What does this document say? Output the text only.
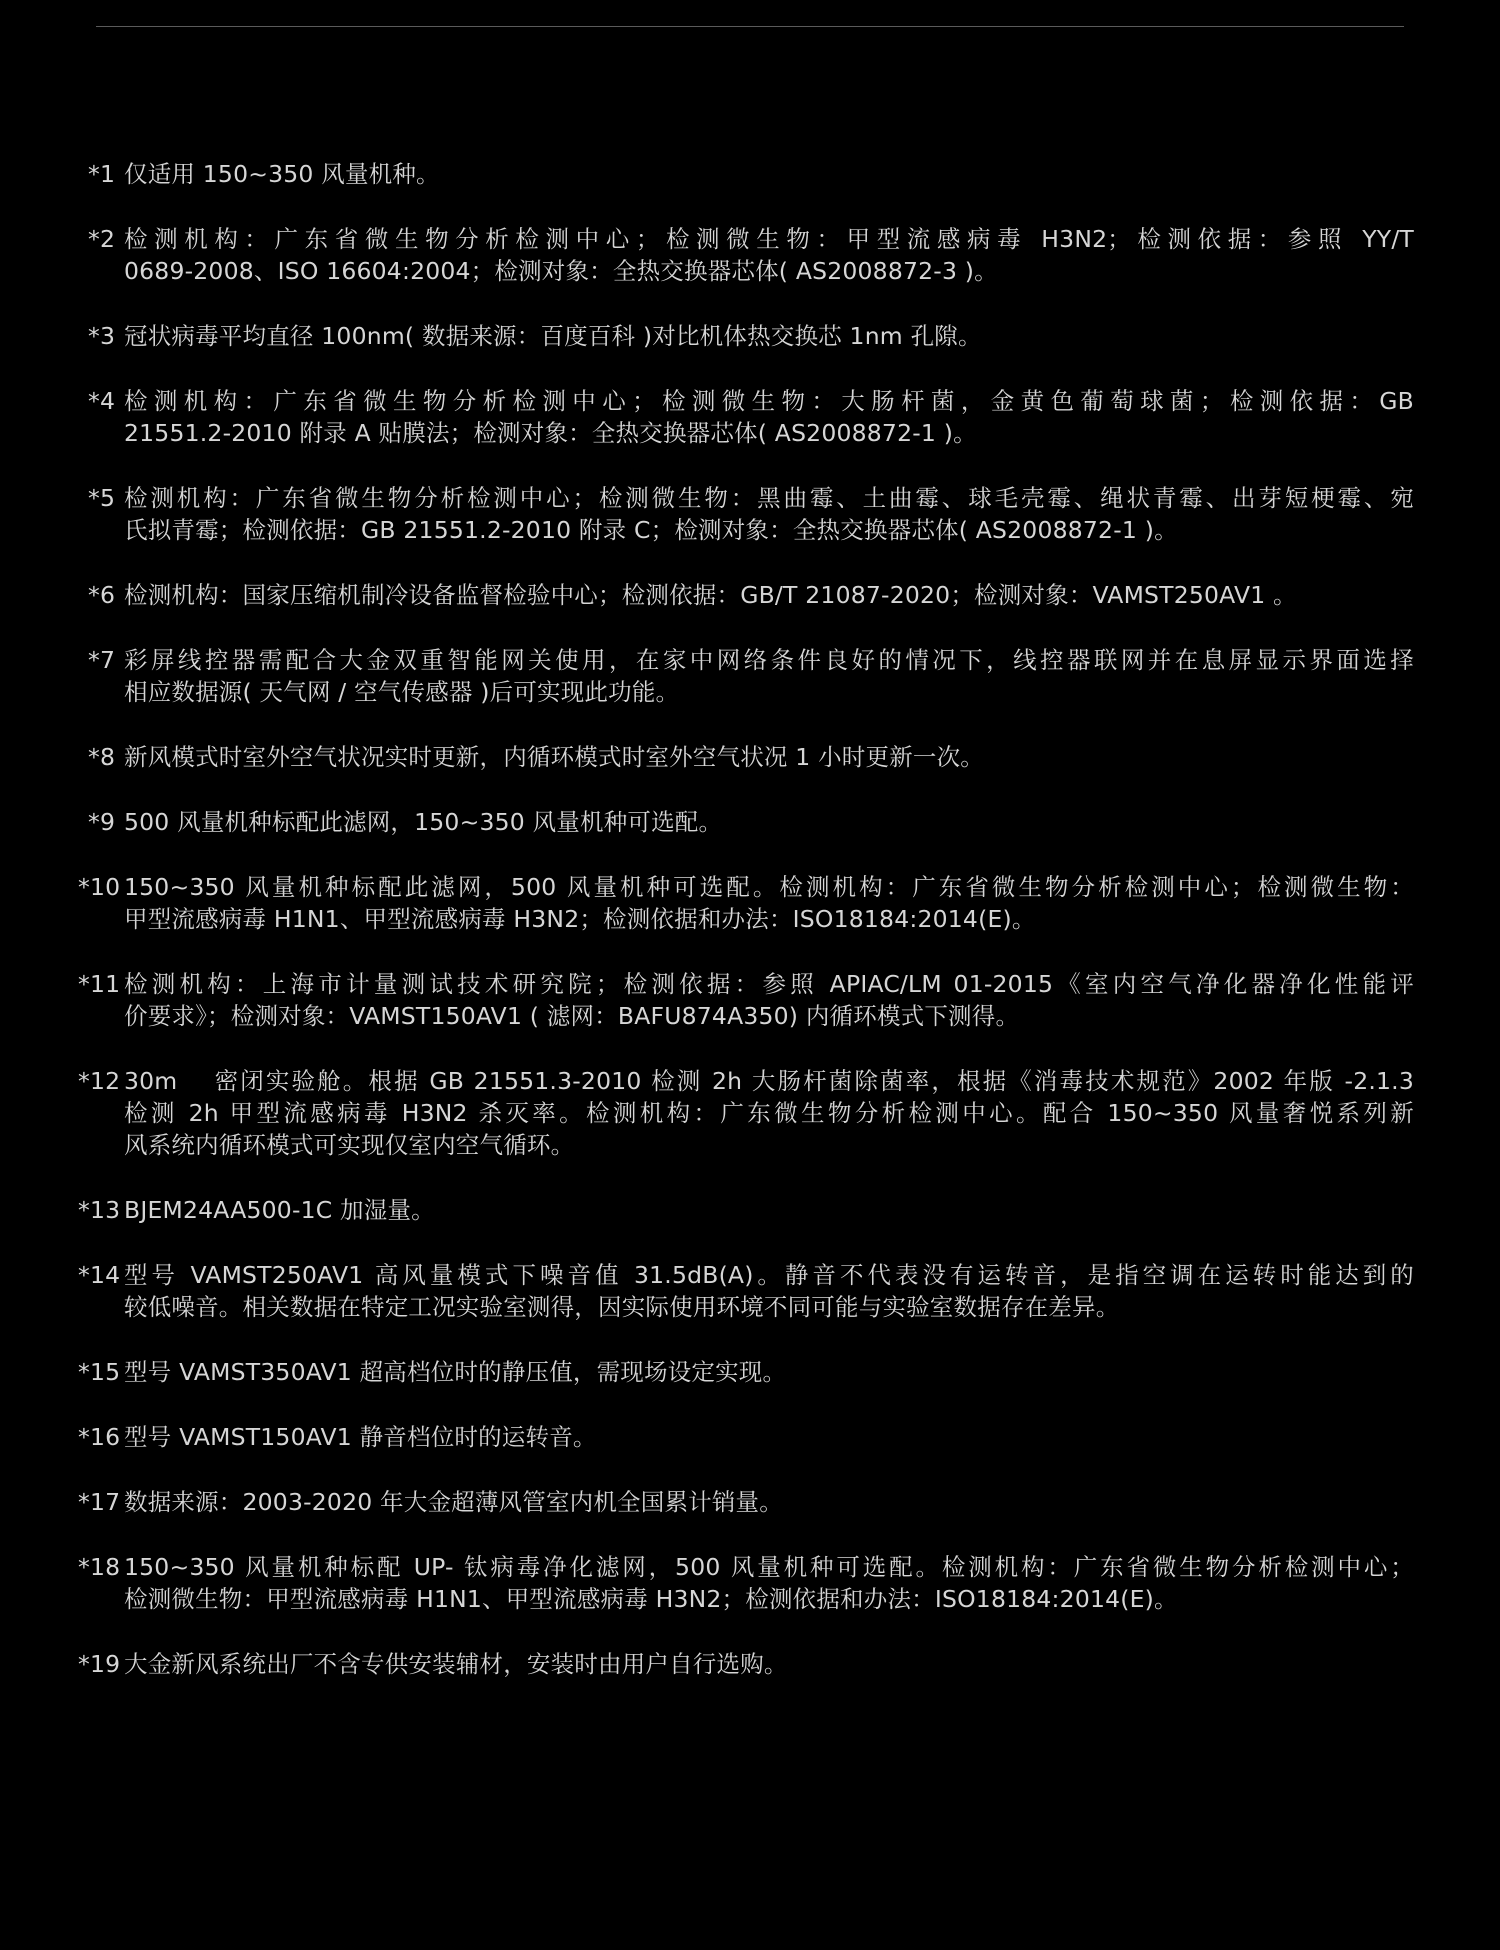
*1 仅适用 150~350 风量机种。
*2 检测机构：广东省微生物分析检测中心；检测微生物：甲型流感病毒 H3N2；检测依据：参照 YY/T
0689-2008、ISO 16604:2004；检测对象：全热交换器芯体( AS2008872-3 )。
*3 冠状病毒平均直径 100nm( 数据来源：百度百科 )对比机体热交换芯 1nm 孔隙。
*4 检测机构：广东省微生物分析检测中心；检测微生物：大肠杆菌，金黄色葡萄球菌；检测依据：GB
21551.2-2010 附录 A 贴膜法；检测对象：全热交换器芯体( AS2008872-1 )。
*5 检测机构：广东省微生物分析检测中心；检测微生物：黑曲霉、土曲霉、球毛壳霉、绳状青霉、出芽短梗霉、宛
氏拟青霉；检测依据：GB 21551.2-2010 附录 C；检测对象：全热交换器芯体( AS2008872-1 )。
*6 检测机构：国家压缩机制冷设备监督检验中心；检测依据：GB/T 21087-2020；检测对象：VAMST250AV1 。
*7 彩屏线控器需配合大金双重智能网关使用，在家中网络条件良好的情况下，线控器联网并在息屏显示界面选择
相应数据源( 天气网 / 空气传感器 )后可实现此功能。
*8 新风模式时室外空气状况实时更新，内循环模式时室外空气状况 1 小时更新一次。
*9 500 风量机种标配此滤网，150~350 风量机种可选配。
*10 150~350 风量机种标配此滤网，500 风量机种可选配。检测机构：广东省微生物分析检测中心；检测微生物：
甲型流感病毒 H1N1、甲型流感病毒 H3N2；检测依据和办法：ISO18184:2014(E)。
*11 检测机构：上海市计量测试技术研究院；检测依据：参照 APIAC/LM 01-2015《室内空气净化器净化性能评
价要求》；检测对象：VAMST150AV1 ( 滤网：BAFU874A350) 内循环模式下测得。
*12 30m　 密闭实验舱。根据 GB 21551.3-2010 检测 2h 大肠杆菌除菌率，根据《消毒技术规范》2002 年版 -2.1.3
检测 2h 甲型流感病毒 H3N2 杀灭率。检测机构：广东微生物分析检测中心。配合 150~350 风量奢悦系列新
风系统内循环模式可实现仅室内空气循环。
*13 BJEM24AA500-1C 加湿量。
*14 型号 VAMST250AV1 高风量模式下噪音值 31.5dB(A)。静音不代表没有运转音，是指空调在运转时能达到的
较低噪音。相关数据在特定工况实验室测得，因实际使用环境不同可能与实验室数据存在差异。
*15 型号 VAMST350AV1 超高档位时的静压值，需现场设定实现。
*16 型号 VAMST150AV1 静音档位时的运转音。
*17 数据来源：2003-2020 年大金超薄风管室内机全国累计销量。
*18 150~350 风量机种标配 UP- 钛病毒净化滤网，500 风量机种可选配。检测机构：广东省微生物分析检测中心；
检测微生物：甲型流感病毒 H1N1、甲型流感病毒 H3N2；检测依据和办法：ISO18184:2014(E)。
*19 大金新风系统出厂不含专供安装辅材，安装时由用户自行选购。
